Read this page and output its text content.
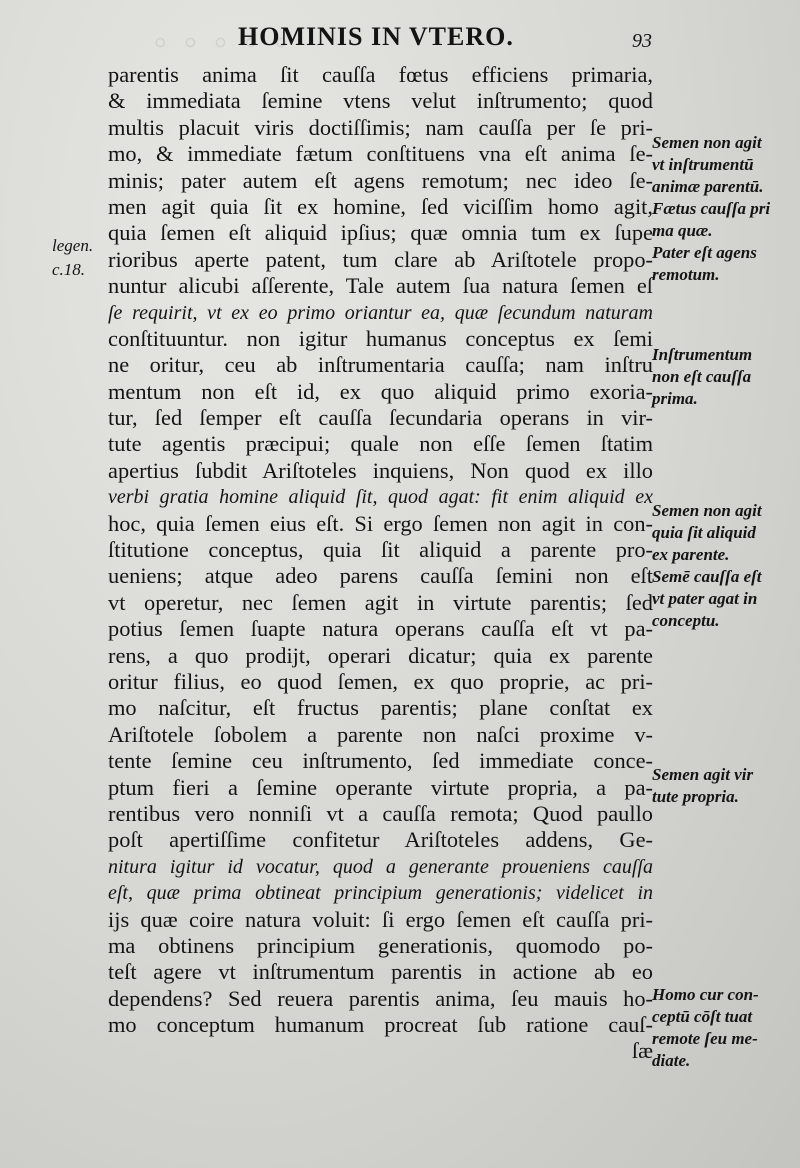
◦ ◦ ◦ ◦ ◦
HOMINIS IN VTERO.	93
legen.
c.18.
parentis anima ſit cauſſa fœtus efficiens primaria,
& immediata ſemine vtens velut inſtrumento; quod
multis placuit viris doctiſſimis; nam cauſſa per ſe pri-
mo, & immediate fætum conſtituens vna eſt anima ſe-
minis; pater autem eſt agens remotum; nec ideo ſe-
men agit quia ſit ex homine, ſed viciſſim homo agit,
quia ſemen eſt aliquid ipſius; quæ omnia tum ex ſupe
rioribus aperte patent, tum clare ab Ariſtotele propo-
nuntur alicubi aſſerente, Tale autem ſua natura ſemen eſ
ſe requirit, vt ex eo primo oriantur ea, quæ ſecundum naturam
conſtituuntur. non igitur humanus conceptus ex ſemi
ne oritur, ceu ab inſtrumentaria cauſſa; nam inſtru
mentum non eſt id, ex quo aliquid primo exoria-
tur, ſed ſemper eſt cauſſa ſecundaria operans in vir-
tute agentis præcipui; quale non eſſe ſemen ſtatim
apertius ſubdit Ariſtoteles inquiens, Non quod ex illo
verbi gratia homine aliquid ſit, quod agat: fit enim aliquid ex
hoc, quia ſemen eius eſt. Si ergo ſemen non agit in con-
ſtitutione conceptus, quia ſit aliquid a parente pro-
ueniens; atque adeo parens cauſſa ſemini non eſt
vt operetur, nec ſemen agit in virtute parentis; ſed
potius ſemen ſuapte natura operans cauſſa eſt vt pa-
rens, a quo prodijt, operari dicatur; quia ex parente
oritur filius, eo quod ſemen, ex quo proprie, ac pri-
mo naſcitur, eſt fructus parentis; plane conſtat ex
Ariſtotele ſobolem a parente non naſci proxime v-
tente ſemine ceu inſtrumento, ſed immediate conce-
ptum fieri a ſemine operante virtute propria, a pa-
rentibus vero nonniſi vt a cauſſa remota; Quod paullo
poſt apertiſſime confitetur Ariſtoteles addens, Ge-
nitura igitur id vocatur, quod a generante proueniens cauſſa
eſt, quæ prima obtineat principium generationis; videlicet in
ijs quæ coire natura voluit: ſi ergo ſemen eſt cauſſa pri-
ma obtinens principium generationis, quomodo po-
teſt agere vt inſtrumentum parentis in actione ab eo
dependens? Sed reuera parentis anima, ſeu mauis ho-
mo conceptum humanum procreat ſub ratione cauſ-
ſæ
Semen non agit
vt inſtrumentū
animæ parentū.
Fætus cauſſa pri
ma quæ.
Pater eſt agens
remotum.
Inſtrumentum
non eſt cauſſa
prima.
Semen non agit
quia ſit aliquid
ex parente.
Semē cauſſa eſt
vt pater agat in
conceptu.
Semen agit vir
tute propria.
Homo cur con-
ceptū cōſt tuat
remote ſeu me-
diate.
